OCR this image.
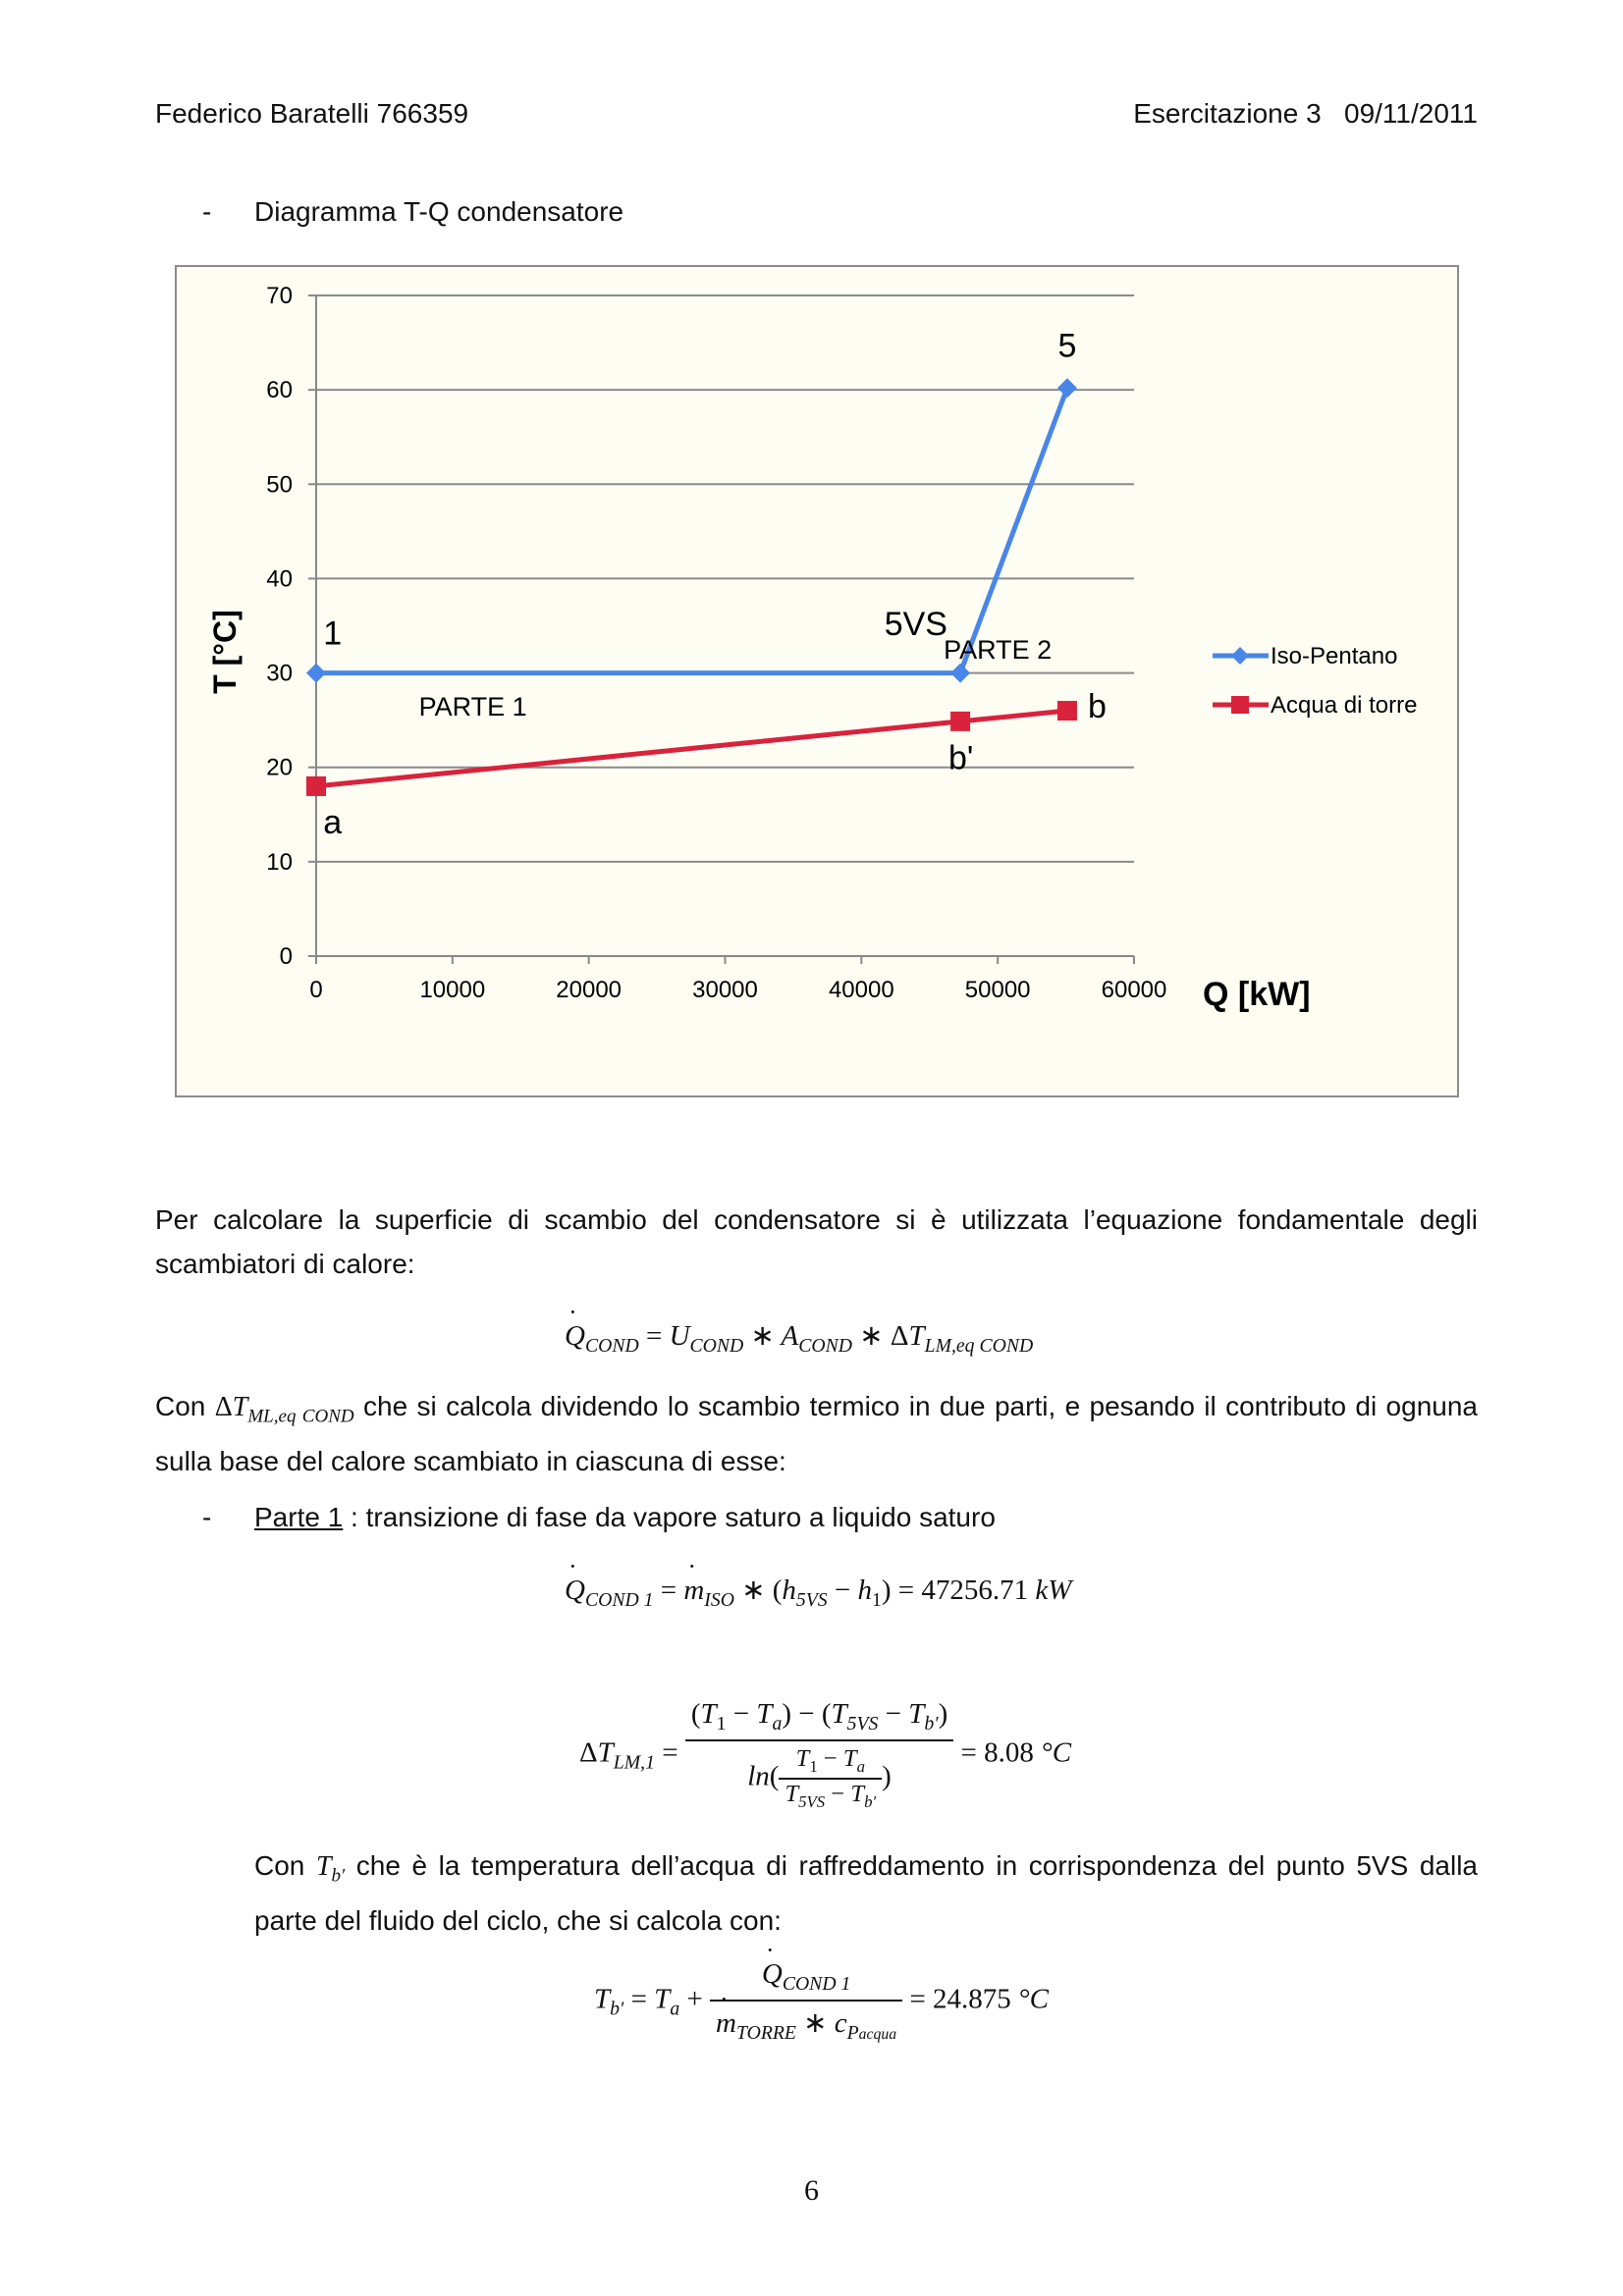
Federico Baratelli 766359	Esercitazione 3   09/11/2011
- Diagramma T-Q condensatore
0
10
20
30
40
50
60
70
0	10000	20000	30000	40000	50000	60000
1	5VS
5
PARTE 2
PARTE 1	b
b'
a
Iso-Pentano
Acqua di torre
T [°C]
Q [kW]
Per calcolare la superficie di scambio del condensatore si è utilizzata l’equazione fondamentale degli scambiatori di calore:
˙ $Q_{COND} = U_{COND}$ ∗ $A_{COND}$ ∗ $\Delta T_{LM,eq COND}$
Con $\Delta T_{ML,eq COND}$ che si calcola dividendo lo scambio termico in due parti, e pesando il contributo di ognuna sulla base del calore scambiato in ciascuna di esse:
- Parte 1 : transizione di fase da vapore saturo a liquido saturo
˙ $Q_{COND 1}$ = ˙ $m_{ISO}$ ∗ $(h_{5VS} - h_1) = 47256.71$ kW
$\Delta T_{LM,1} = \frac{(T_1 - T_a) - (T_{5VS} - T_{b'})}{\ln( \frac{T_1 - T_a}{T_{5VS} - T_{b'}} )} = 8.08$ °C
Con $T_{b'}$ che è la temperatura dell’acqua di raffreddamento in corrispondenza del punto 5VS dalla parte del fluido del ciclo, che si calcola con:
$T_{b'} = T_a$ + ˙ $Q_{COND 1}$
˙ $m_{TORRE}$ ∗ $c_{Pacqua} = 24.875$ °C
6
